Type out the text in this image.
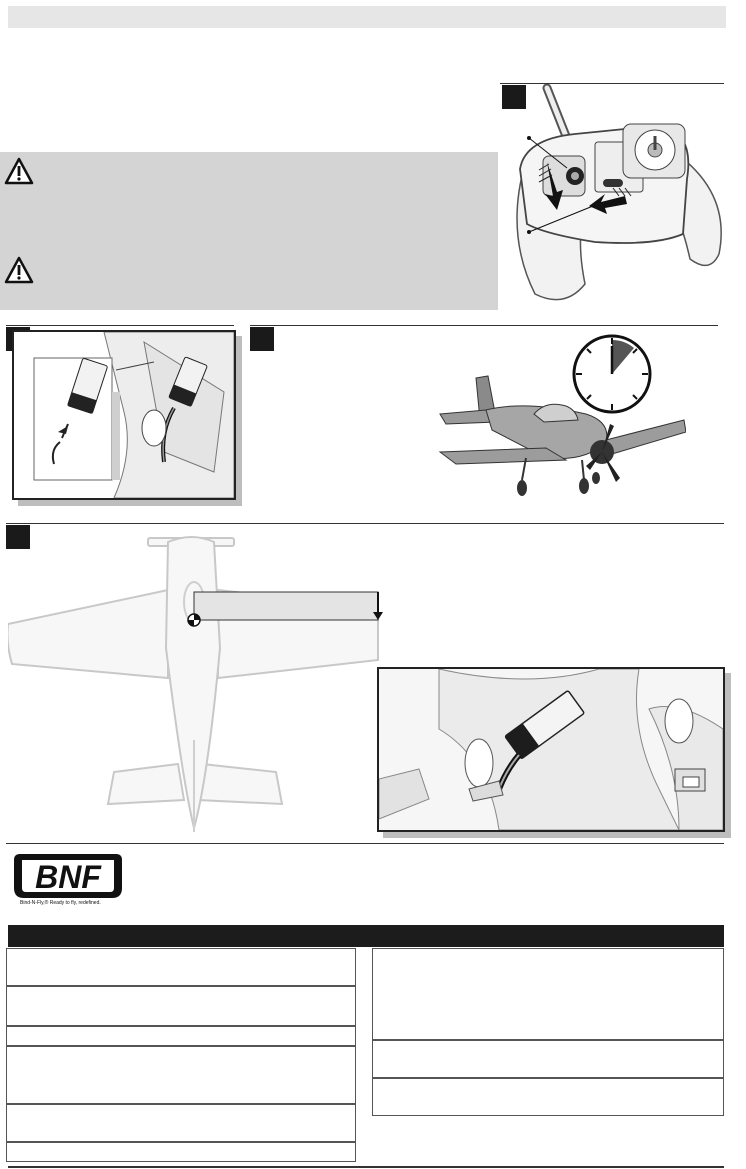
BNF
Bind-N-Fly,® Ready to fly, redefined.
